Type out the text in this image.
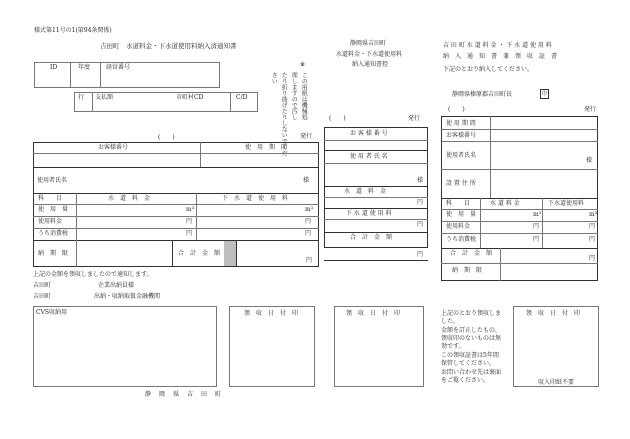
様式第11号の1(第94条関係)
吉田町　水道料金・下水道使用料納入済通知書	静岡県吉田町
水道料金・下水道使用料
納入通知書控
吉 田 町 水 道 料 金 ・ 下 水 道 使 用 料
納　入　通　知　書　兼　領　収　証　書
下記のとおり納入してください。
静岡県榛原郡吉田町長	印
ID	年度	経営番号
行 支払額	市町村CD	C/D
※
この用紙は機械処
理しますので汚し
たり折り曲げたりしないでくだ
さい
(　　)	発行
お客様番号	使　用　期　間
使用者氏名	様
科　　目	水　道　料　金	下　水　道　使　用　料
使　用　量	m³	m³
使用料金	円	円
うち消費税	円	円
納　期　限	合　計　金　額
円
上記の金額を領収しましたので通知します。
吉田町	企業出納員様
吉田町	出納・収納取扱金融機関
CVS収納用	領　収　日　付　印
静　岡　県　吉　田　町
(　　)	発行
お 客 様 番 号
使 用 者 氏 名
様
水　道　料　金
円
下 水 道 使 用 料
円
合　計　金　額
円
領　収　日　付　印
(　　)	発行
使 用 期 間
お客様番号
使用者氏名
様
設 置 住 所
科　　目	水 道 料 金	下水道使用料
使　用　量	m³	m³
使用料金	円	円
うち消費税	円	円
合　計　金　額
円
納　期　限
上記のとおり領収しま
した。
金額を訂正したもの、
領収印のないものは無
効です。
この領収証書は5年間
保管してください。
お問い合わせ先は裏面
をご覧ください。
領　収　日　付　印
収入印紙不要
